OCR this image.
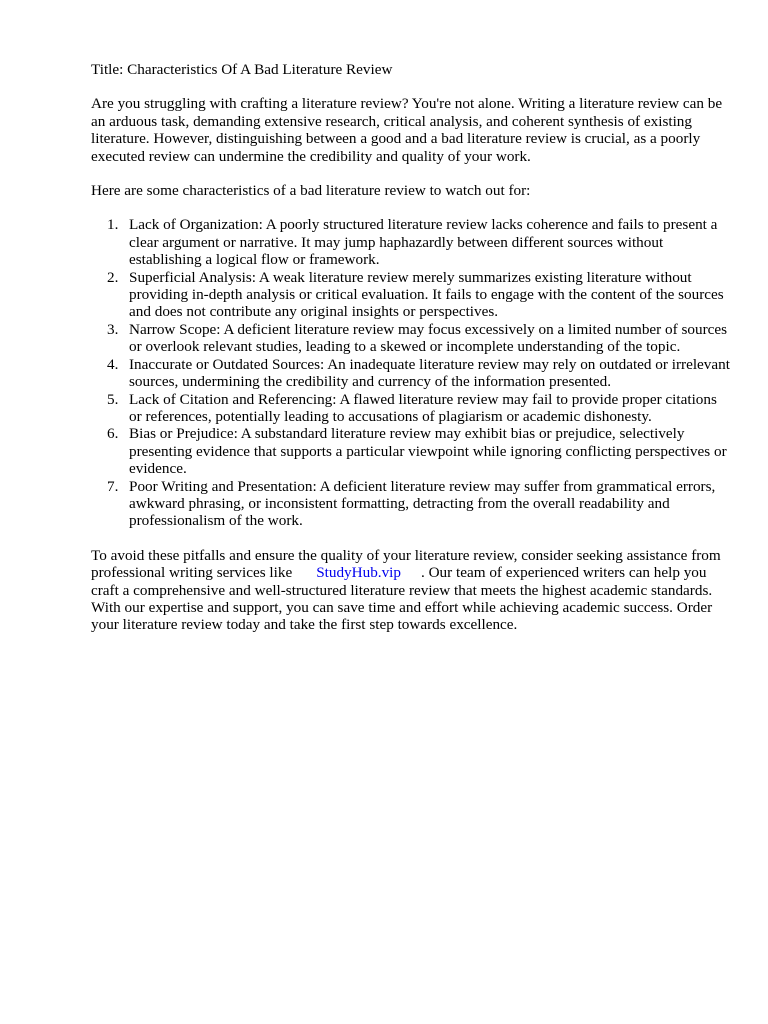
Title: Characteristics Of A Bad Literature Review

Are you struggling with crafting a literature review? You're not alone. Writing a literature review can be an arduous task, demanding extensive research, critical analysis, and coherent synthesis of existing literature. However, distinguishing between a good and a bad literature review is crucial, as a poorly executed review can undermine the credibility and quality of your work.

Here are some characteristics of a bad literature review to watch out for:

1. Lack of Organization: A poorly structured literature review lacks coherence and fails to present a clear argument or narrative. It may jump haphazardly between different sources without establishing a logical flow or framework.
2. Superficial Analysis: A weak literature review merely summarizes existing literature without providing in-depth analysis or critical evaluation. It fails to engage with the content of the sources and does not contribute any original insights or perspectives.
3. Narrow Scope: A deficient literature review may focus excessively on a limited number of sources or overlook relevant studies, leading to a skewed or incomplete understanding of the topic.
4. Inaccurate or Outdated Sources: An inadequate literature review may rely on outdated or irrelevant sources, undermining the credibility and currency of the information presented.
5. Lack of Citation and Referencing: A flawed literature review may fail to provide proper citations or references, potentially leading to accusations of plagiarism or academic dishonesty.
6. Bias or Prejudice: A substandard literature review may exhibit bias or prejudice, selectively presenting evidence that supports a particular viewpoint while ignoring conflicting perspectives or evidence.
7. Poor Writing and Presentation: A deficient literature review may suffer from grammatical errors, awkward phrasing, or inconsistent formatting, detracting from the overall readability and professionalism of the work.

To avoid these pitfalls and ensure the quality of your literature review, consider seeking assistance from professional writing services like StudyHub.vip . Our team of experienced writers can help you craft a comprehensive and well-structured literature review that meets the highest academic standards. With our expertise and support, you can save time and effort while achieving academic success. Order your literature review today and take the first step towards excellence.
